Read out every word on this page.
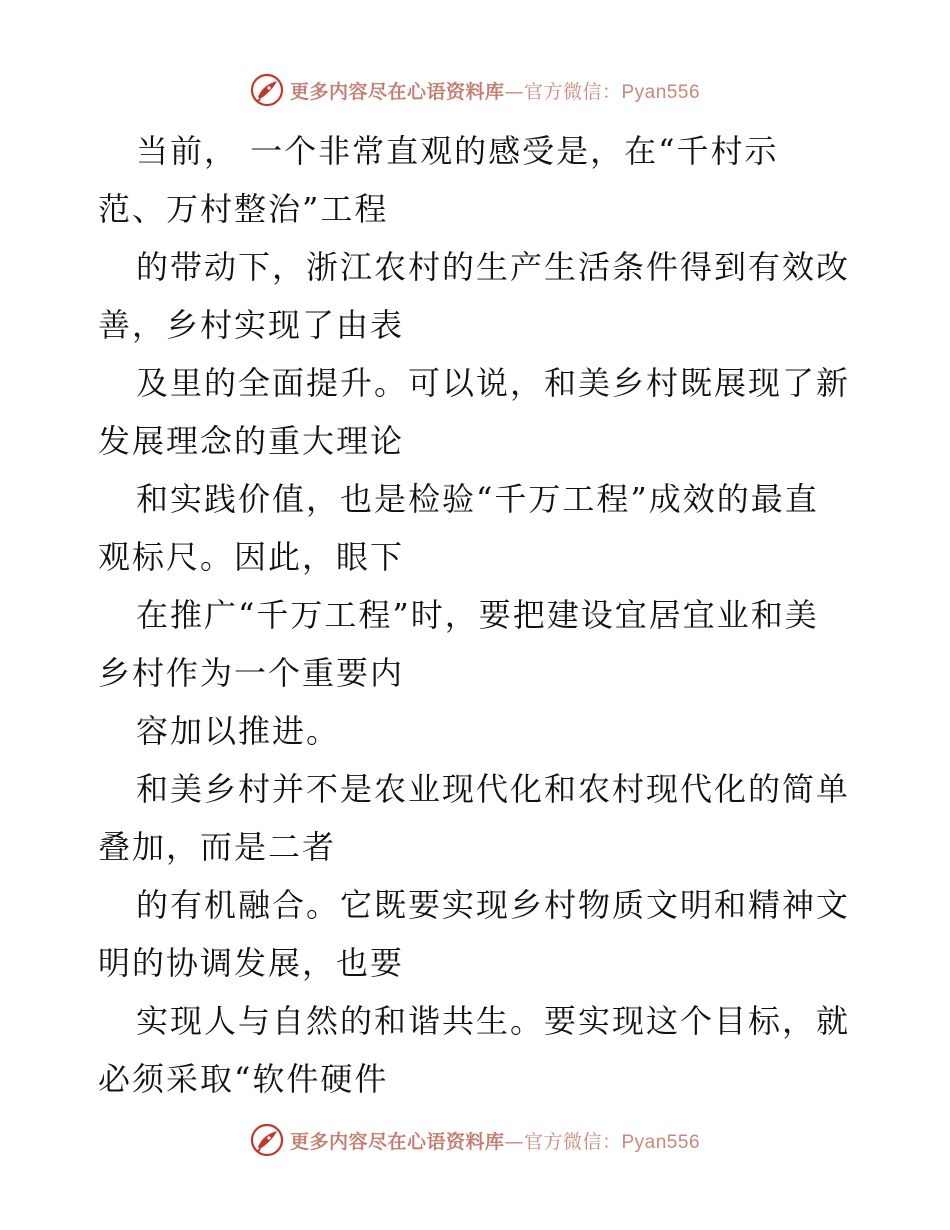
更多内容尽在心语资料库—官方微信：Pyan556
当前， 一个非常直观的感受是，在“千村示
范、万村整治”工程
的带动下，浙江农村的生产生活条件得到有效改
善，乡村实现了由表
及里的全面提升。可以说，和美乡村既展现了新
发展理念的重大理论
和实践价值，也是检验“千万工程”成效的最直
观标尺。因此，眼下
在推广“千万工程”时，要把建设宜居宜业和美
乡村作为一个重要内
容加以推进。
和美乡村并不是农业现代化和农村现代化的简单
叠加，而是二者
的有机融合。它既要实现乡村物质文明和精神文
明的协调发展，也要
实现人与自然的和谐共生。要实现这个目标，就
必须采取“软件硬件
更多内容尽在心语资料库—官方微信：Pyan556
